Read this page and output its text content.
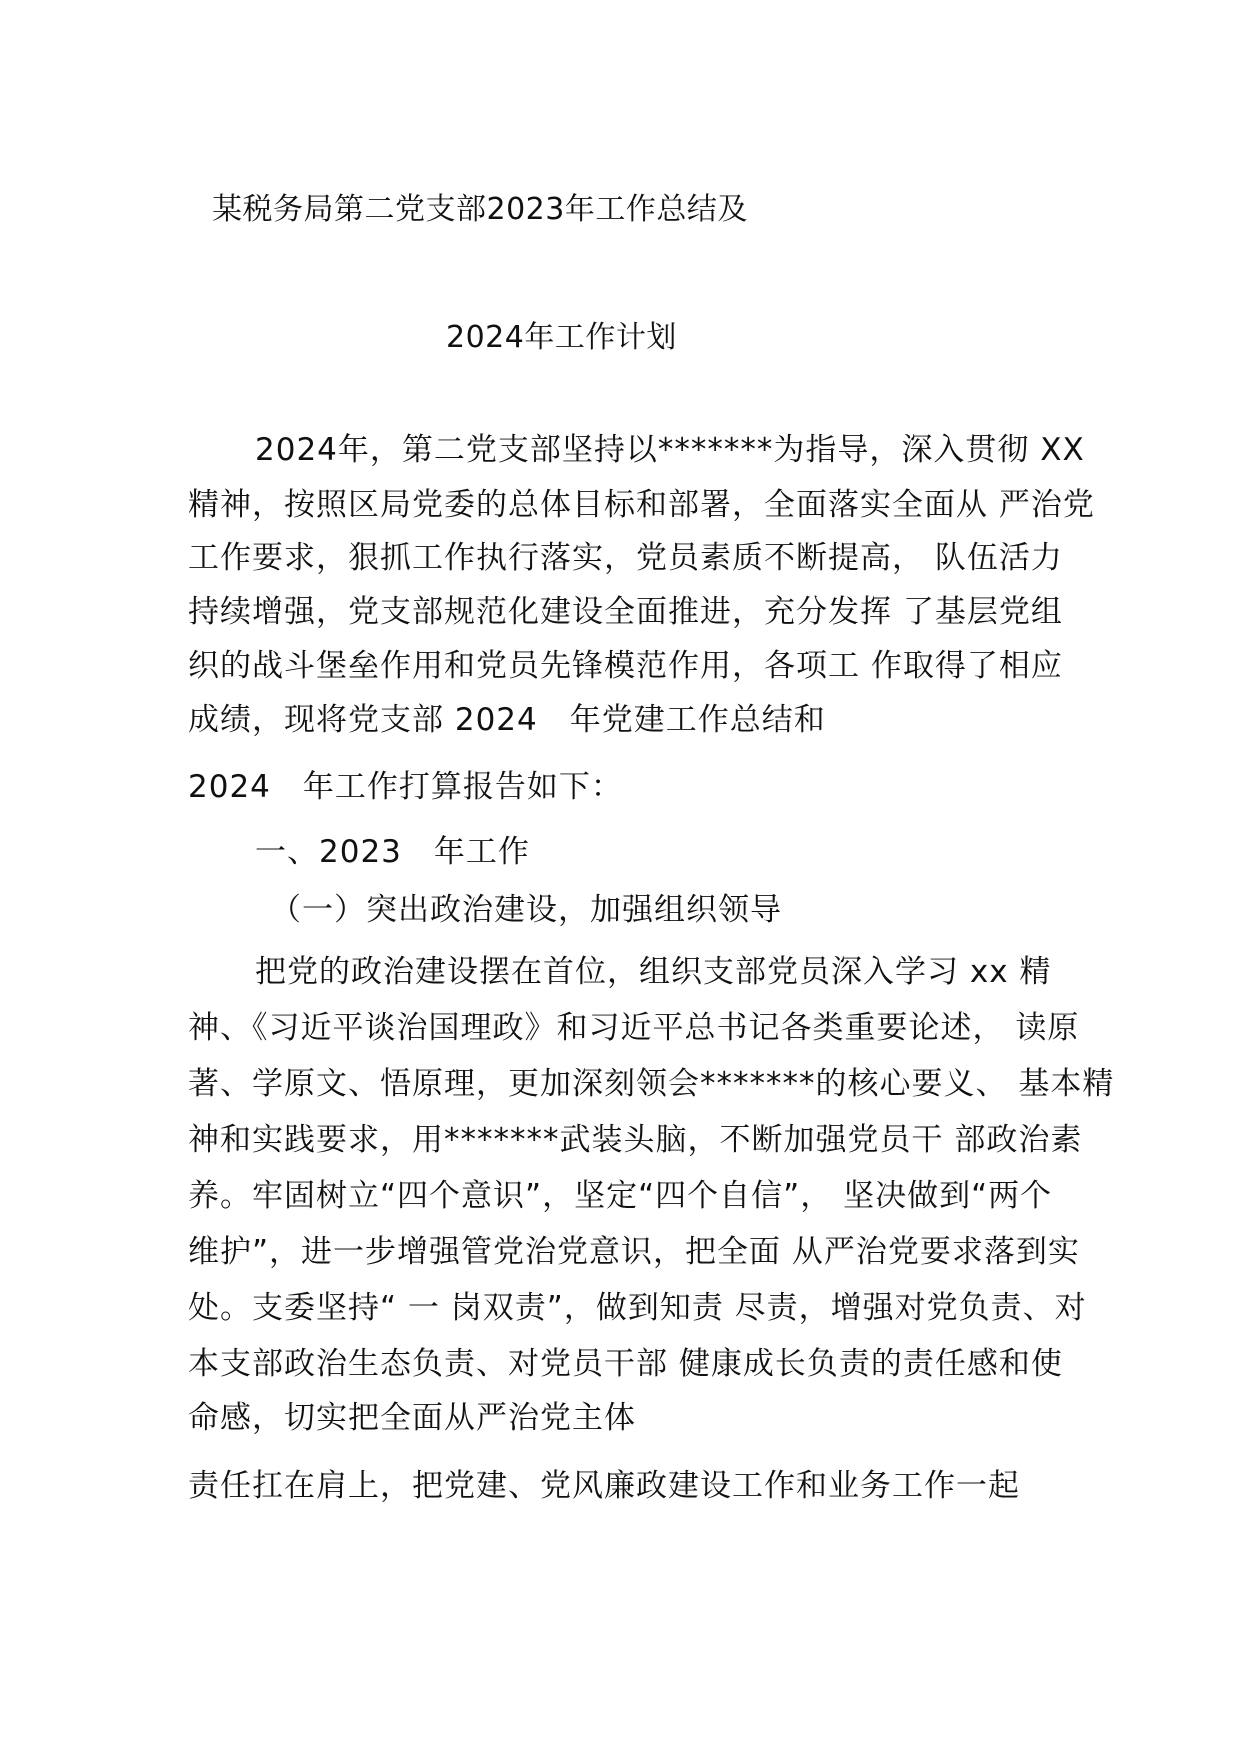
某税务局第二党支部2023年工作总结及
2024年工作计划
2024年，第二党支部坚持以*******为指导，深入贯彻 XX
精神，按照区局党委的总体目标和部署，全面落实全面从 严治党
工作要求，狠抓工作执行落实，党员素质不断提高， 队伍活力
持续增强，党支部规范化建设全面推进，充分发挥 了基层党组
织的战斗堡垒作用和党员先锋模范作用，各项工 作取得了相应
成绩，现将党支部 2024　年党建工作总结和
2024　年工作打算报告如下：
一、2023　年工作
（一）突出政治建设，加强组织领导
把党的政治建设摆在首位，组织支部党员深入学习 xx 精
神、《习近平谈治国理政》和习近平总书记各类重要论述， 读原
著、学原文、悟原理，更加深刻领会*******的核心要义、 基本精
神和实践要求，用*******武装头脑，不断加强党员干 部政治素
养。牢固树立“四个意识”，坚定“四个自信”， 坚决做到“两个
维护”，进一步增强管党治党意识，把全面 从严治党要求落到实
处。支委坚持“ 一 岗双责”，做到知责 尽责，增强对党负责、对
本支部政治生态负责、对党员干部 健康成长负责的责任感和使
命感，切实把全面从严治党主体
责任扛在肩上，把党建、党风廉政建设工作和业务工作一起
